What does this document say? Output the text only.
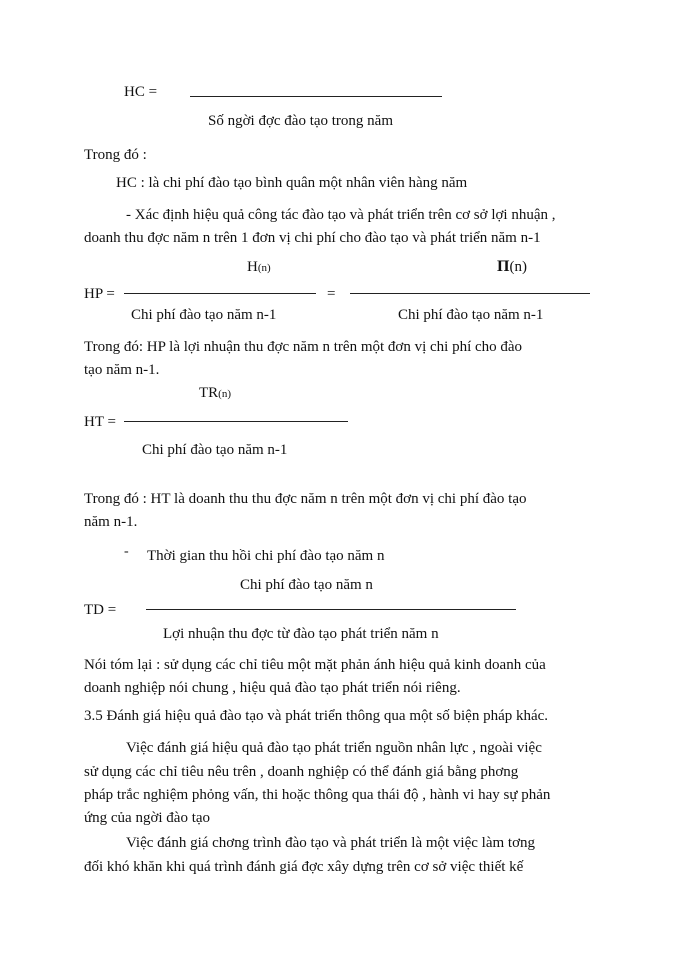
HC =
Số ngời đợc đào tạo trong năm
Trong đó :
HC : là chi phí đào tạo bình quân một nhân viên hàng năm
- Xác định hiệu quả công tác đào tạo và phát triển trên cơ sở lợi nhuận ,
doanh thu đợc năm n trên 1 đơn vị chi phí cho đào tạo và phát triển năm n-1
H(n)	Π(n)
HP =	=
Chi phí đào tạo năm n-1	Chi phí đào tạo năm n-1
Trong đó: HP là lợi nhuận thu đợc năm n trên một đơn vị chi phí cho đào
tạo năm n-1.
TR(n)
HT =
Chi phí đào tạo năm n-1
Trong đó : HT là doanh thu thu đợc năm n trên một đơn vị chi phí đào tạo
năm n-1.
- Thời gian thu hồi chi phí đào tạo năm n
Chi phí đào tạo năm n
TD =
Lợi nhuận thu đợc từ đào tạo phát triển năm n
Nói tóm lại : sử dụng các chỉ tiêu một mặt phản ánh hiệu quả kinh doanh của
doanh nghiệp nói chung , hiệu quả đào tạo phát triển nói riêng.
3.5 Đánh giá hiệu quả đào tạo và phát triển thông qua một số biện pháp khác.
Việc đánh giá hiệu quả đào tạo phát triển nguồn nhân lực , ngoài việc
sử dụng các chỉ tiêu nêu trên , doanh nghiệp có thể đánh giá bằng phơng
pháp trắc nghiệm phỏng vấn, thi hoặc thông qua thái độ , hành vi hay sự phản
ứng của ngời đào tạo
Việc đánh giá chơng trình đào tạo và phát triển là một việc làm tơng
đối khó khăn khi quá trình đánh giá đợc xây dựng trên cơ sở việc thiết kế
